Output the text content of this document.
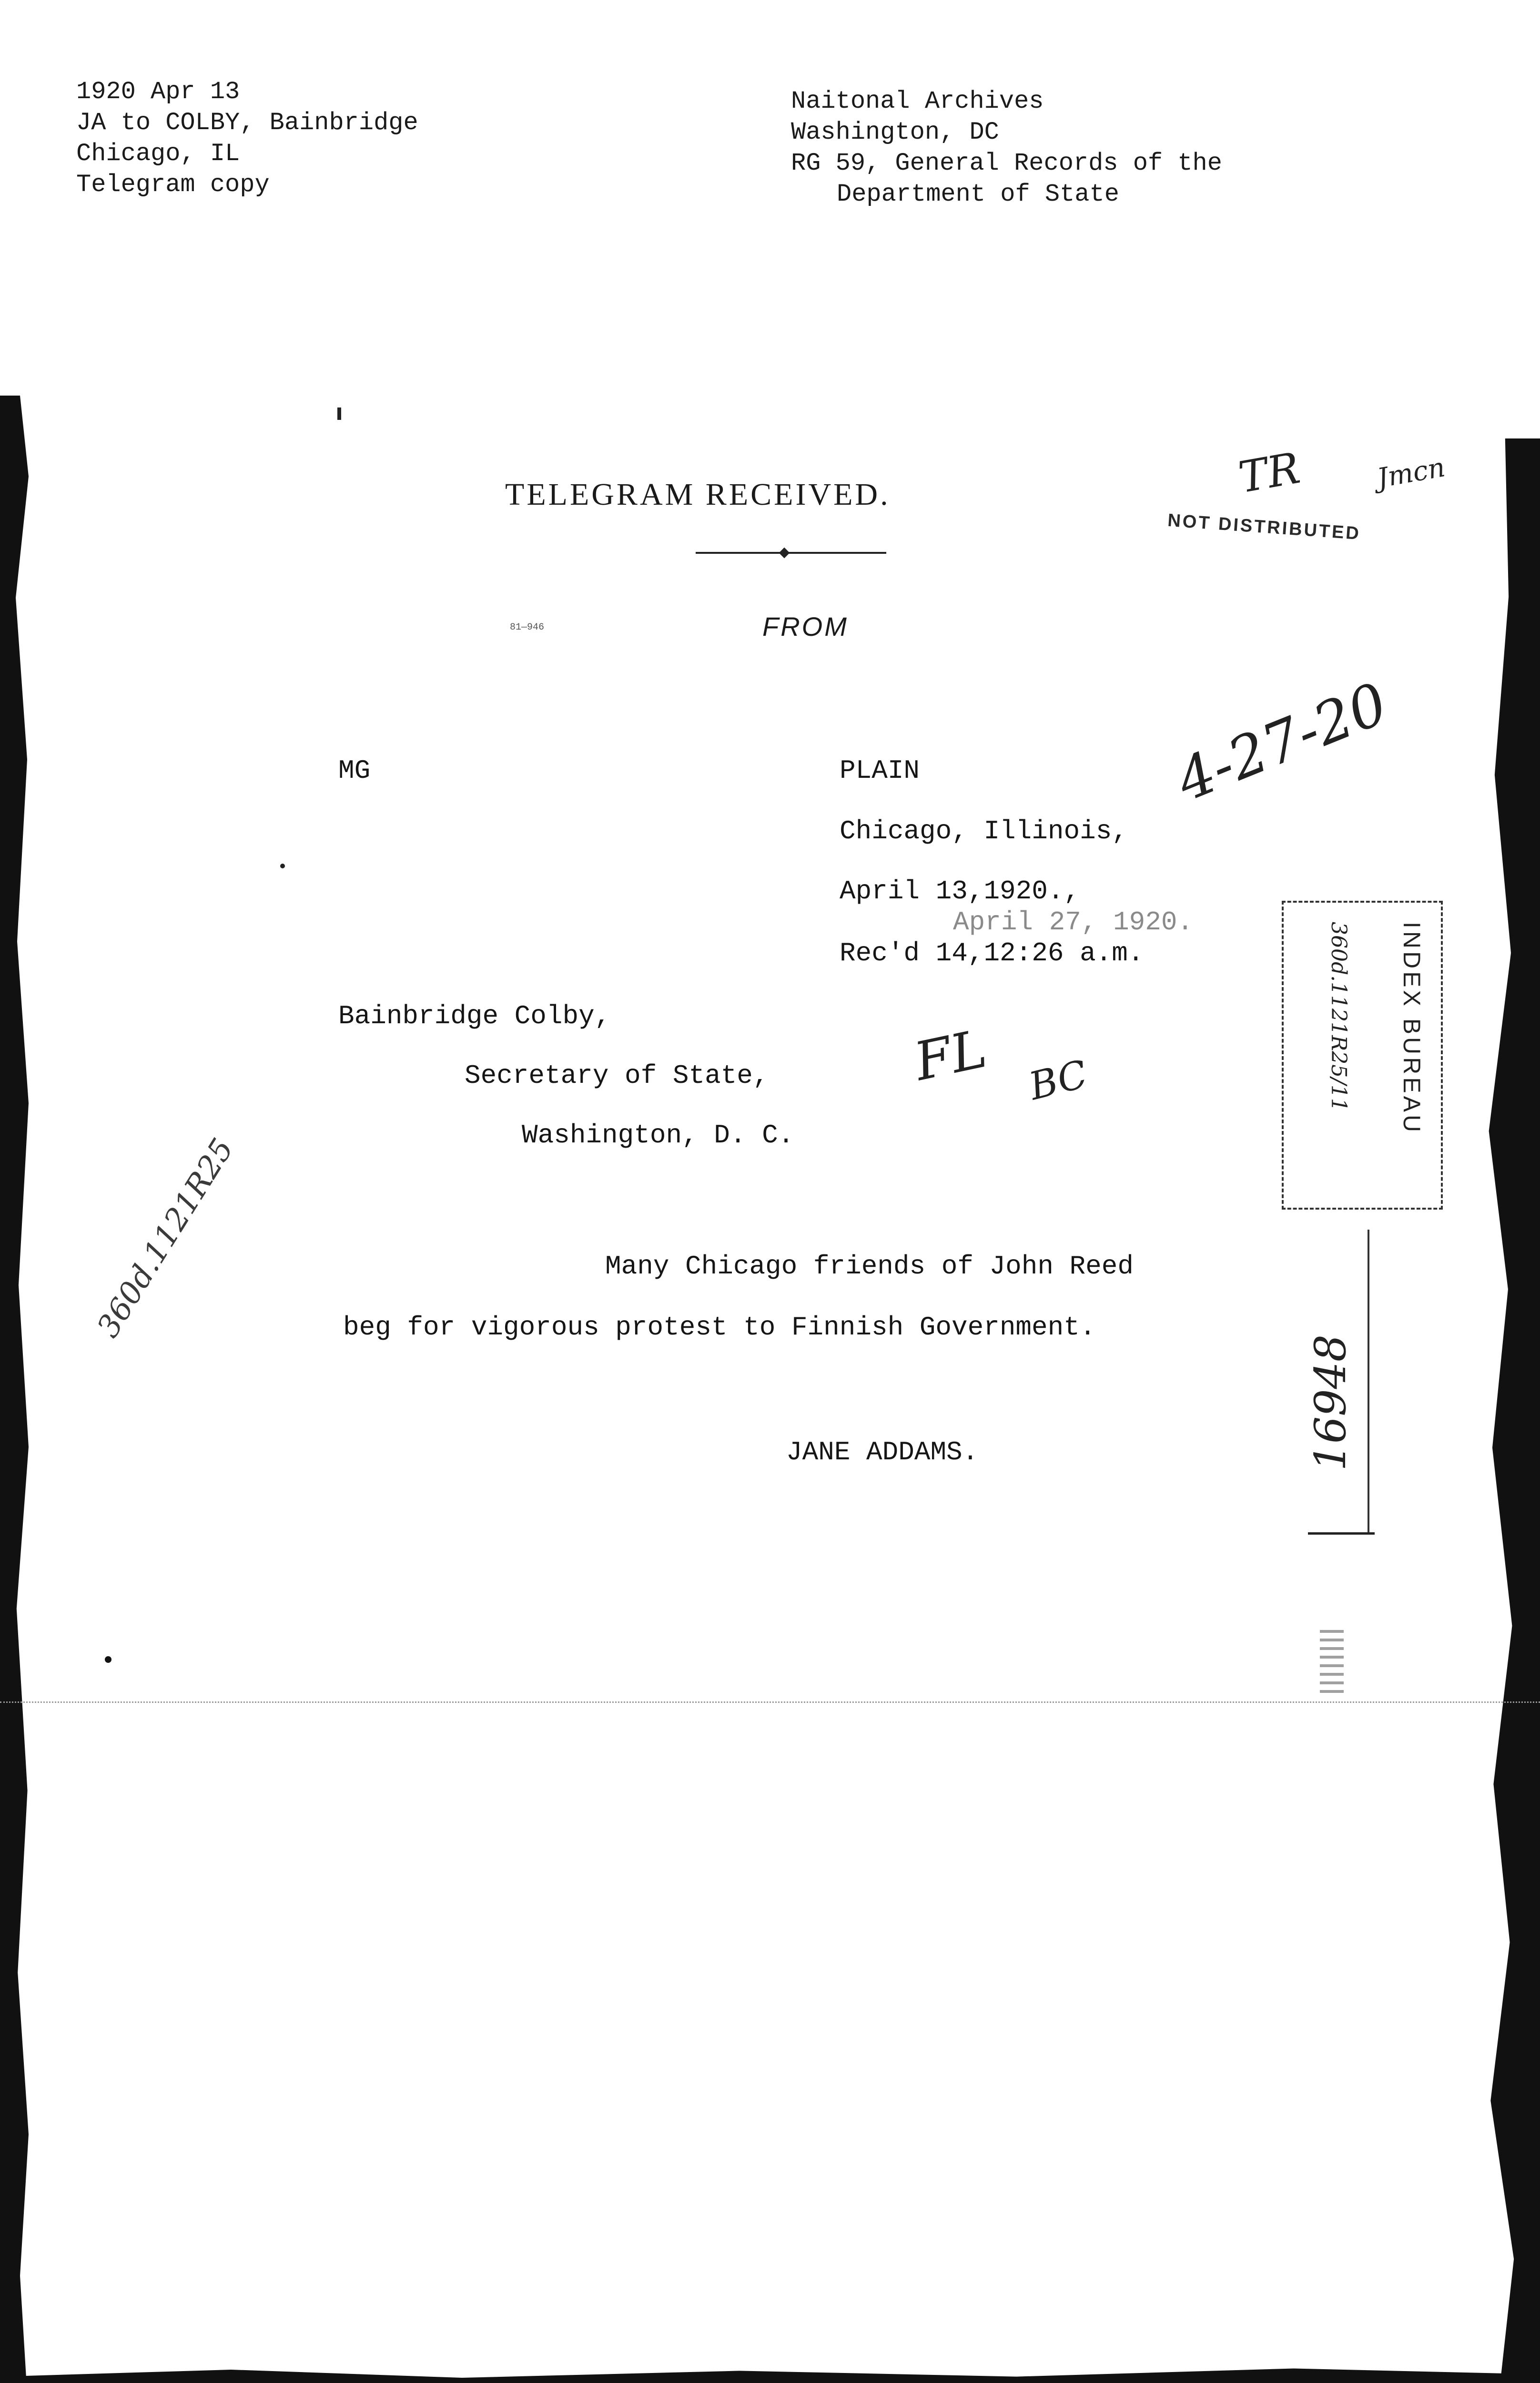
1920 Apr 13
JA to COLBY, Bainbridge
Chicago, IL
Telegram copy
Naitonal Archives
Washington, DC
RG 59, General Records of the
Department of State
TELEGRAM RECEIVED.
81—946	FROM
MG	PLAIN
Chicago, Illinois,
April 13,1920.,
April 27, 1920.
Rec'd 14,12:26 a.m.
Bainbridge Colby,
Secretary of State,
Washington, D. C.
Many Chicago friends of John Reed
beg for vigorous protest to Finnish Government.
JANE ADDAMS.
NOT DISTRIBUTED
INDEX BUREAU
360d.1121R25/11
4-27-20
360d.1121R25
16948
TR	Jmcn
FL BC
